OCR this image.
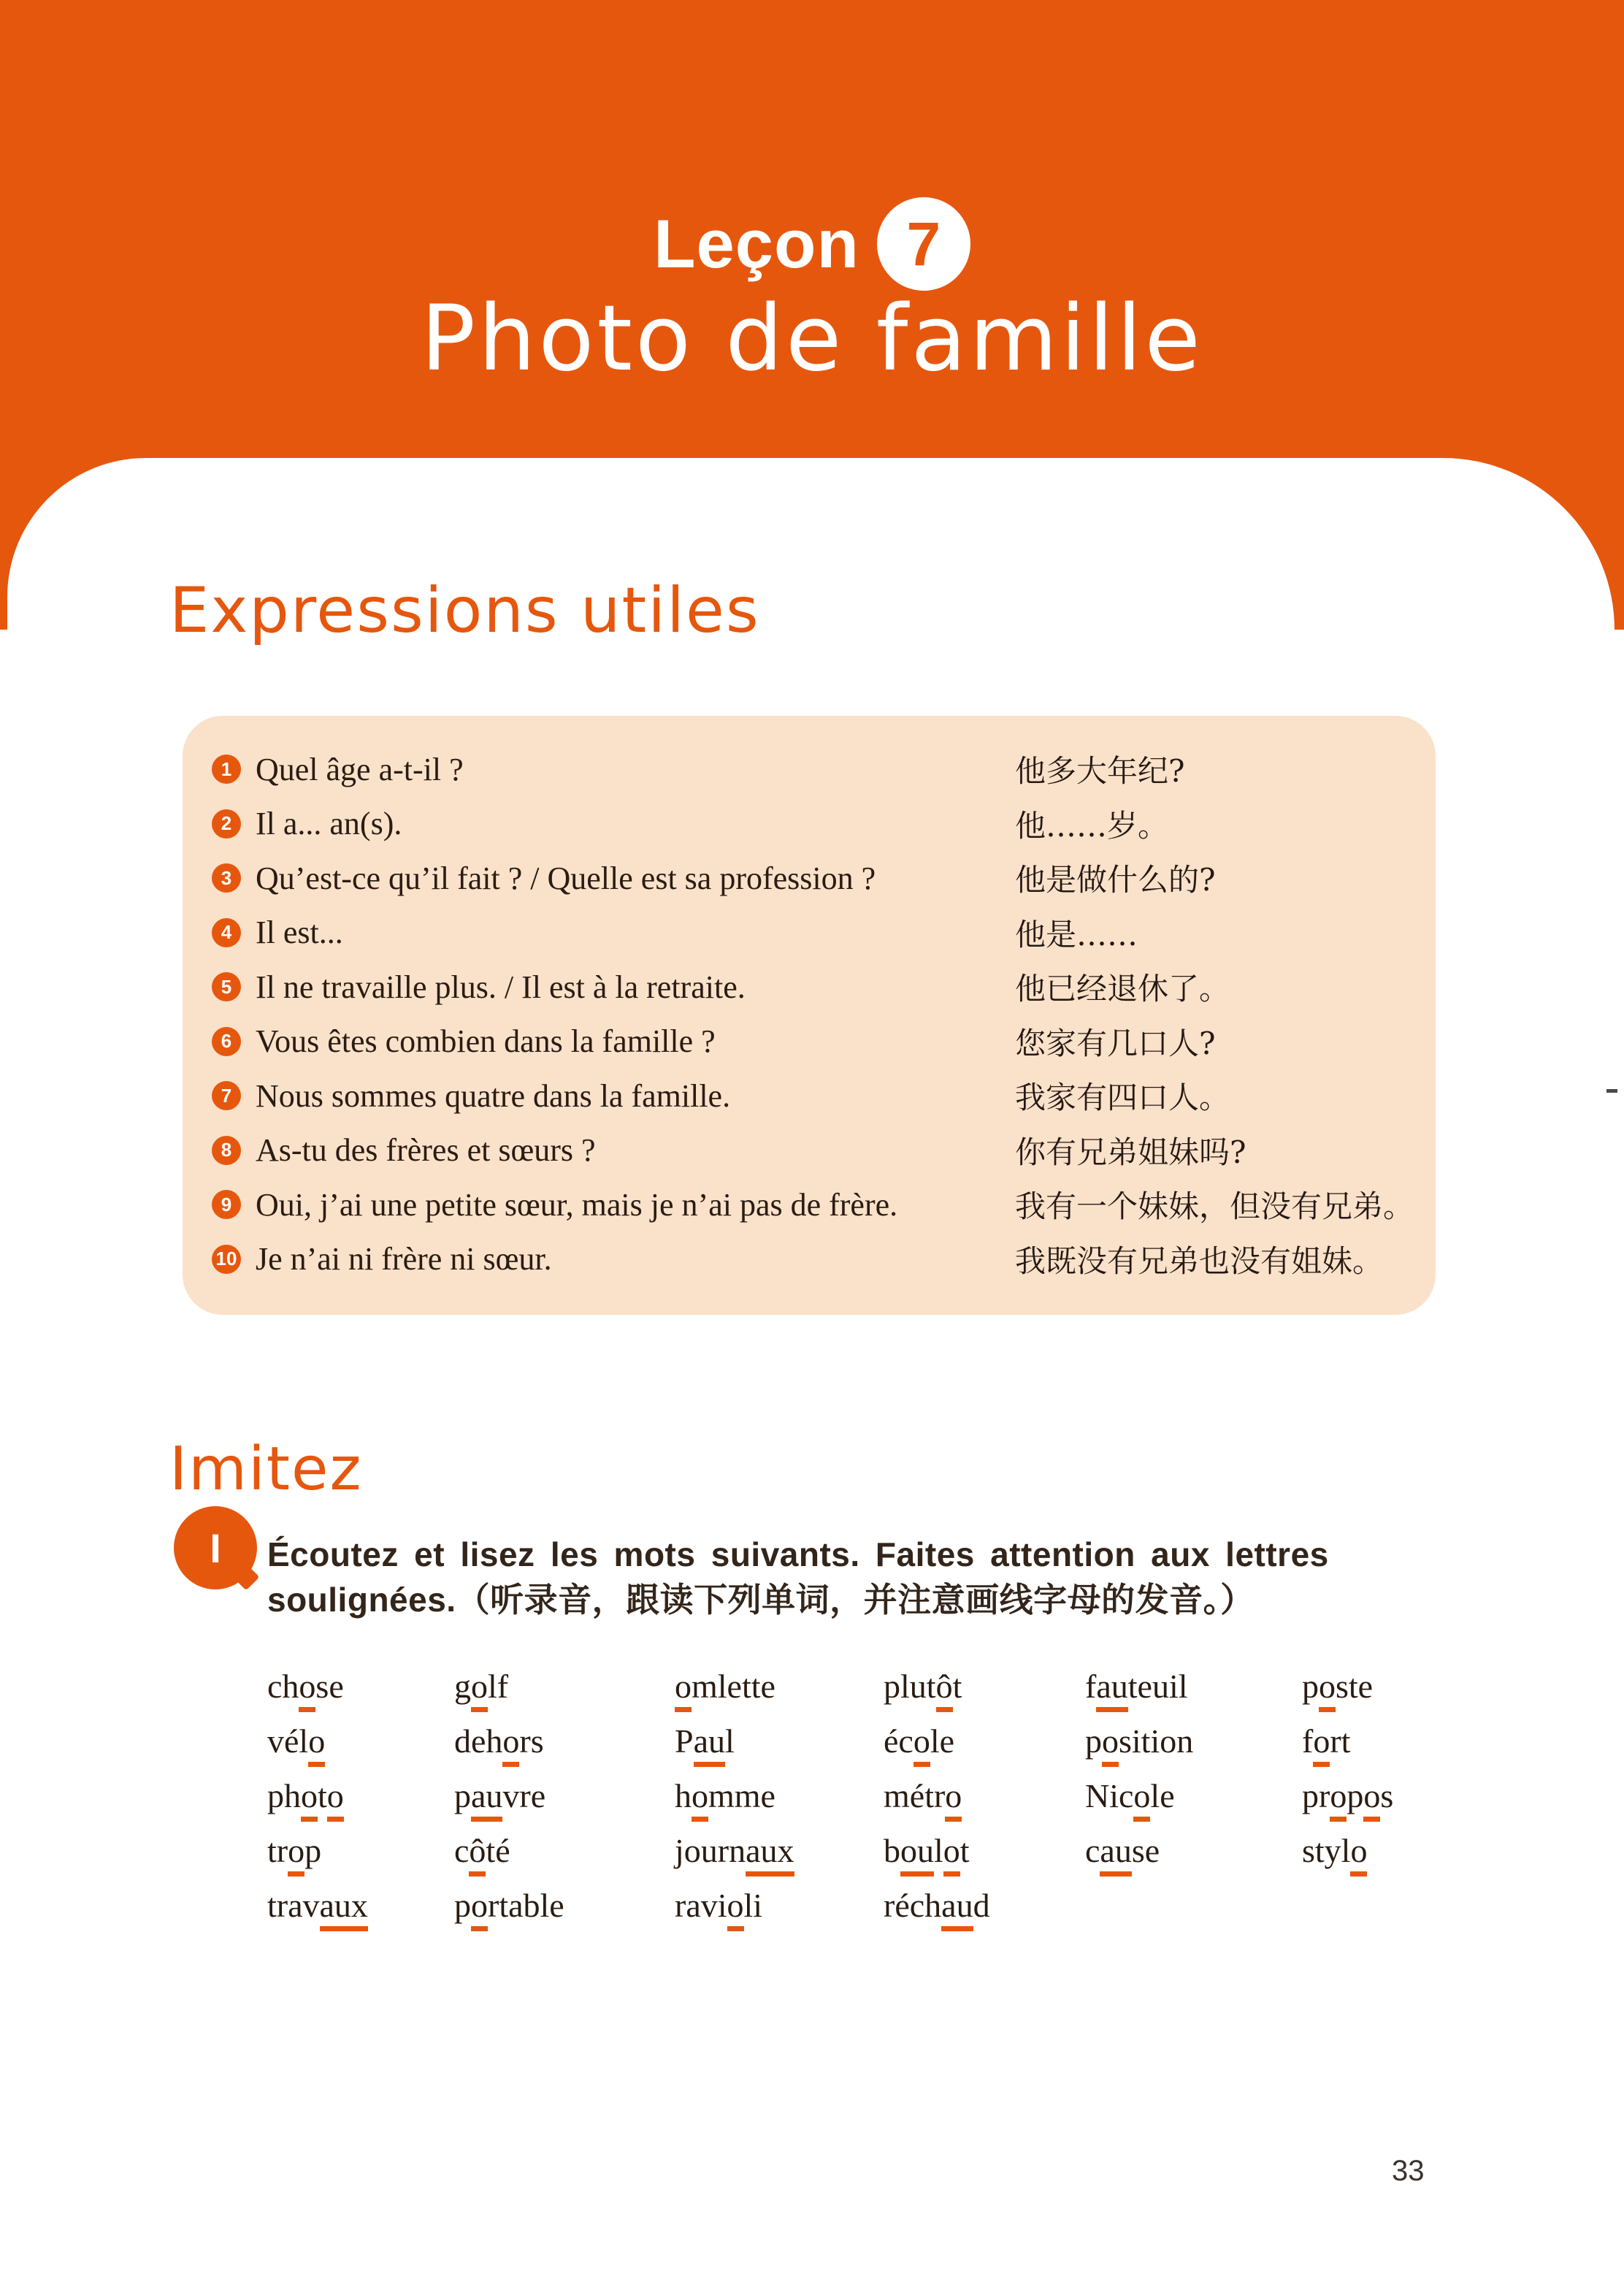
Leçon 7
Photo de famille
Expressions utiles
1 Quel âge a-t-il ?	他多大年纪?
2 Il a... an(s).	他……岁。
3 Qu’est-ce qu’il fait ? / Quelle est sa profession ?	他是做什么的?
4 Il est...	他是……
5 Il ne travaille plus. / Il est à la retraite.	他已经退休了。
6 Vous êtes combien dans la famille ?	您家有几口人?
7 Nous sommes quatre dans la famille.	我家有四口人。
8 As-tu des frères et sœurs ?	你有兄弟姐妹吗?
9 Oui, j’ai une petite sœur, mais je n’ai pas de frère.	我有一个妹妹，但没有兄弟。
10 Je n’ai ni frère ni sœur.	我既没有兄弟也没有姐妹。
Imitez
I Écoutez et lisez les mots suivants. Faites attention aux lettres
soulignées.（听录音，跟读下列单词，并注意画线字母的发音。）
chose	golf	omlette	plutôt	fauteuil	poste
vélo	dehors	Paul	école	position	fort
photo	pauvre	homme	métro	Nicole	propos
trop	côté	journaux	boulot	cause	stylo
travaux	portable	ravioli	réchaud
33
